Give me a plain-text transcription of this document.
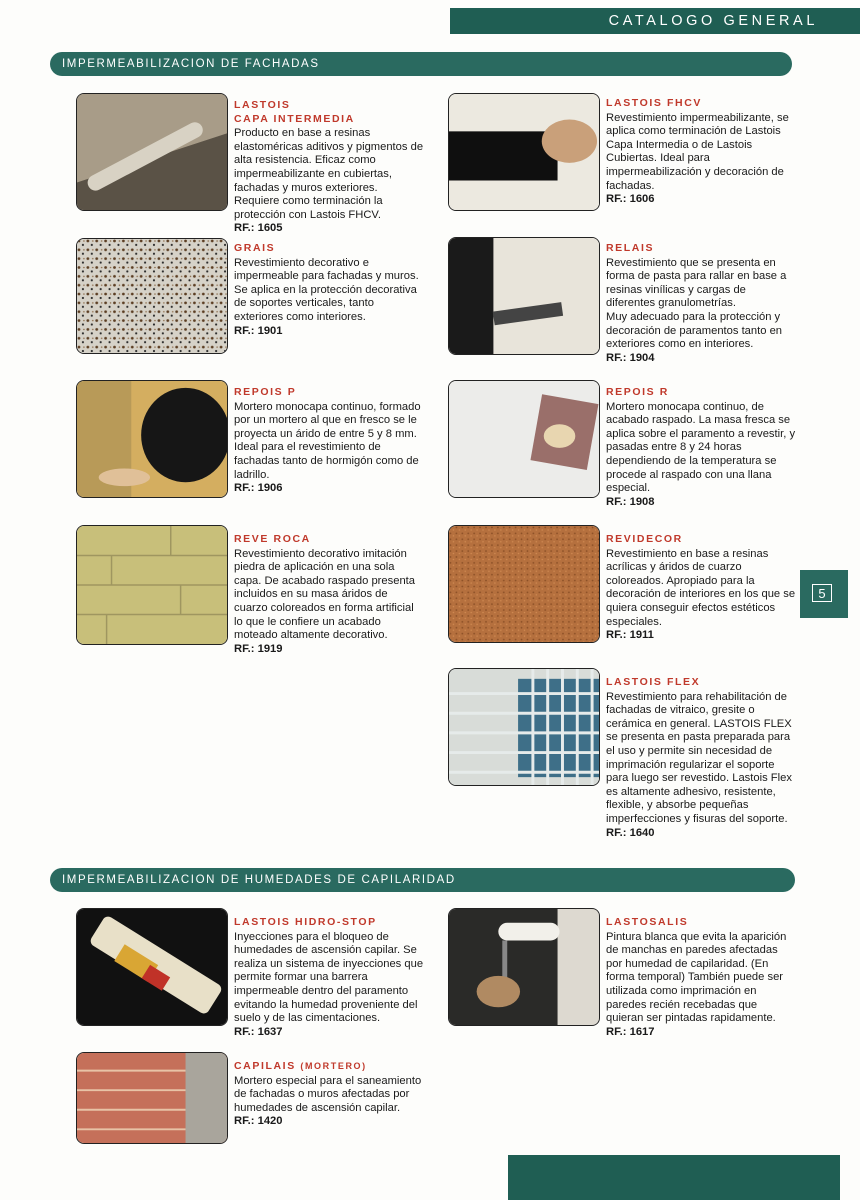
CATALOGO GENERAL
IMPERMEABILIZACION DE FACHADAS

LASTOIS

CAPA INTERMEDIA

Producto en base a resinas elastoméricas aditivos y pigmentos de alta resistencia. Eficaz como impermeabilizante en cubiertas, fachadas y muros exteriores. Requiere como terminación la protección con Lastois FHCV.

RF.: 1605

LASTOIS FHCV

Revestimiento impermeabilizante, se aplica como terminación de Lastois Capa Intermedia o de Lastois Cubiertas. Ideal para impermeabilización y decoración de fachadas.

RF.: 1606

GRAIS

Revestimiento decorativo e impermeable para fachadas y muros. Se aplica en la protección decorativa de soportes verticales, tanto exteriores como interiores.

RF.: 1901

RELAIS

Revestimiento que se presenta en forma de pasta para rallar en base a resinas vinílicas y cargas de diferentes granulometrías.

Muy adecuado para la protección y decoración de paramentos tanto en exteriores como en interiores.

RF.: 1904

REPOIS P

Mortero monocapa continuo, formado por un mortero al que en fresco se le proyecta un árido de entre 5 y 8 mm. Ideal para el revestimiento de fachadas tanto de hormigón como de ladrillo.

RF.: 1906

REPOIS R

Mortero monocapa continuo, de acabado raspado. La masa fresca se aplica sobre el paramento a revestir, y pasadas entre 8 y 24 horas dependiendo de la temperatura se procede al raspado con una llana especial.

RF.: 1908

REVE ROCA

Revestimiento decorativo imitación piedra de aplicación en una sola capa. De acabado raspado presenta incluidos en su masa áridos de cuarzo coloreados en forma artificial lo que le confiere un acabado moteado altamente decorativo.

RF.: 1919

REVIDECOR

Revestimiento en base a resinas acrílicas y áridos de cuarzo coloreados. Apropiado para la decoración de interiores en los que se quiera conseguir efectos estéticos especiales.

RF.: 1911

LASTOIS FLEX

Revestimiento para rehabilitación de fachadas de vitraico, gresite o cerámica en general. LASTOIS FLEX se presenta en pasta preparada para el uso y permite sin necesidad de imprimación regularizar el soporte para luego ser revestido. Lastois Flex es altamente adhesivo, resistente, flexible, y absorbe pequeñas imperfecciones y fisuras del soporte.

RF.: 1640

5
IMPERMEABILIZACION DE HUMEDADES DE CAPILARIDAD

LASTOIS HIDRO-STOP

Inyecciones para el bloqueo de humedades de ascensión capilar. Se realiza un sistema de inyecciones que permite formar una barrera impermeable dentro del paramento evitando la humedad proveniente del suelo y de las cimentaciones.

RF.: 1637

LASTOSALIS

Pintura blanca que evita la aparición de manchas en paredes afectadas por humedad de capilaridad. (En forma temporal) También puede ser utilizada como imprimación en paredes recién recebadas que quieran ser pintadas rapidamente.

RF.: 1617

CAPILAIS (MORTERO)

Mortero especial para el saneamiento de fachadas o muros afectadas por humedades de ascensión capilar.

RF.: 1420
